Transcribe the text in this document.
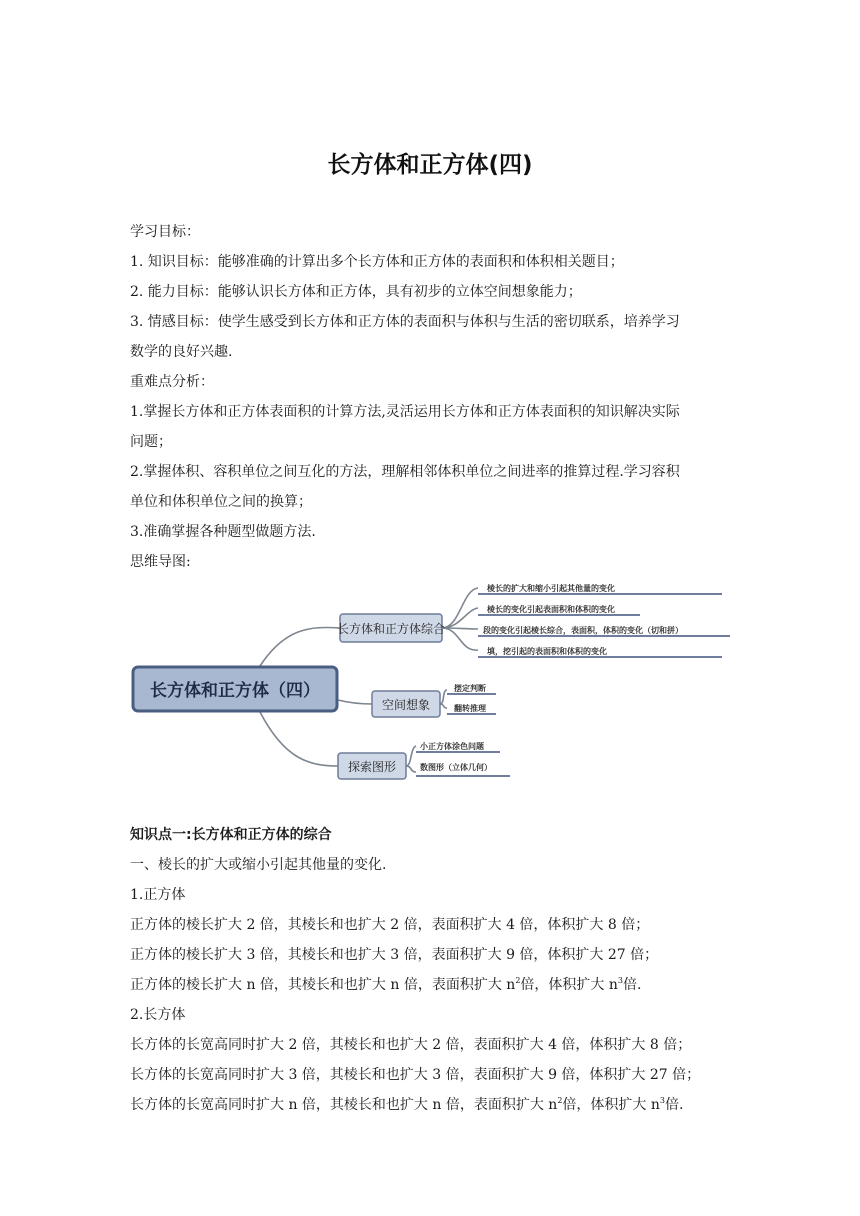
长方体和正方体(四)
学习目标：
1. 知识目标：能够准确的计算出多个长方体和正方体的表面积和体积相关题目；
2. 能力目标：能够认识长方体和正方体，具有初步的立体空间想象能力；
3. 情感目标：使学生感受到长方体和正方体的表面积与体积与生活的密切联系，培养学习
数学的良好兴趣.
重难点分析：
1.掌握长方体和正方体表面积的计算方法,灵活运用长方体和正方体表面积的知识解决实际
问题；
2.掌握体积、容积单位之间互化的方法，理解相邻体积单位之间进率的推算过程.学习容积
单位和体积单位之间的换算；
3.准确掌握各种题型做题方法.
思维导图:
棱长的扩大和缩小引起其他量的变化
棱长的变化引起表面积和体积的变化
段的变化引起棱长综合，表面积，体积的变化（切和拼）
填，挖引起的表面积和体积的变化
摆定判断
翻转推理
小正方体涂色问题
数图形（立体几何）
长方体和正方体（四）
长方体和正方体综合
空间想象
探索图形
知识点一:长方体和正方体的综合
一、棱长的扩大或缩小引起其他量的变化.
1.正方体
正方体的棱长扩大 2 倍，其棱长和也扩大 2 倍，表面积扩大 4 倍，体积扩大 8 倍；
正方体的棱长扩大 3 倍，其棱长和也扩大 3 倍，表面积扩大 9 倍，体积扩大 27 倍；
正方体的棱长扩大 n 倍，其棱长和也扩大 n 倍，表面积扩大 $n^2$倍，体积扩大 $n^3$倍.
2.长方体
长方体的长宽高同时扩大 2 倍，其棱长和也扩大 2 倍，表面积扩大 4 倍，体积扩大 8 倍；
长方体的长宽高同时扩大 3 倍，其棱长和也扩大 3 倍，表面积扩大 9 倍，体积扩大 27 倍；
长方体的长宽高同时扩大 n 倍，其棱长和也扩大 n 倍，表面积扩大 $n^2$倍，体积扩大 $n^3$倍.
